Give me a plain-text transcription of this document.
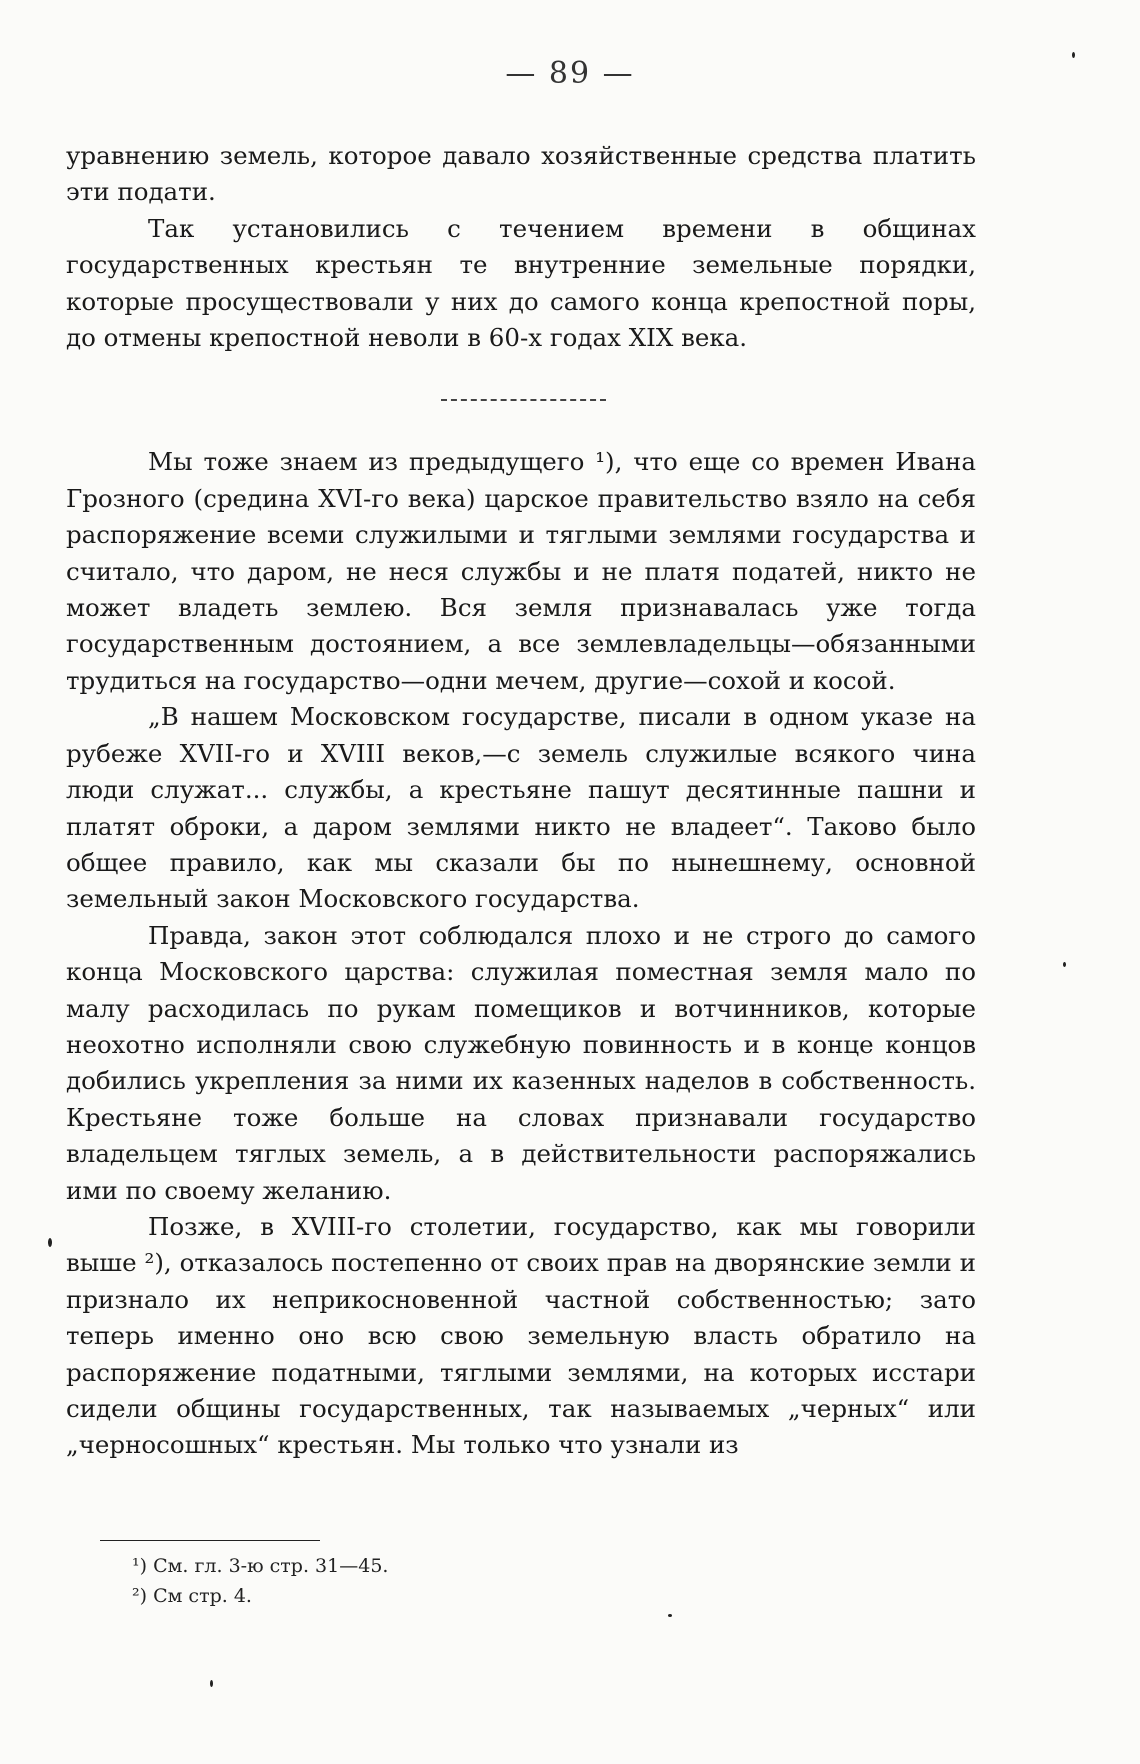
— 89 —

уравнению земель, которое давало хозяйственные средства платить эти подати.

Так установились с течением времени в общинах государственных крестьян те внутренние земельные порядки, которые просуществовали у них до самого конца крепостной поры, до отмены крепостной неволи в 60-х годах XIX века.

Мы тоже знаем из предыдущего ¹), что еще со времен Ивана Грозного (средина XVI-го века) царское правительство взяло на себя распоряжение всеми служилыми и тяглыми землями государства и считало, что даром, не неся службы и не платя податей, никто не может владеть землею. Вся земля признавалась уже тогда государственным достоянием, а все землевладельцы—обязанными трудиться на государство—одни мечем, другие—сохой и косой.

„В нашем Московском государстве, писали в одном указе на рубеже XVII-го и XVIII веков,—с земель служилые всякого чина люди служат... службы, а крестьяне пашут десятинные пашни и платят оброки, а даром землями никто не владеет“. Таково было общее правило, как мы сказали бы по нынешнему, основной земельный закон Московского государства.

Правда, закон этот соблюдался плохо и не строго до самого конца Московского царства: служилая поместная земля мало по малу расходилась по рукам помещиков и вотчинников, которые неохотно исполняли свою служебную повинность и в конце концов добились укрепления за ними их казенных наделов в собственность. Крестьяне тоже больше на словах признавали государство владельцем тяглых земель, а в действительности распоряжались ими по своему желанию.

Позже, в XVIII-го столетии, государство, как мы говорили выше ²), отказалось постепенно от своих прав на дворянские земли и признало их неприкосновенной частной собственностью; зато теперь именно оно всю свою земельную власть обратило на распоряжение податными, тяглыми землями, на которых исстари сидели общины государственных, так называемых „черных“ или „черносошных“ крестьян. Мы только что узнали из

¹) См. гл. 3-ю стр. 31—45.

²) См стр. 4.
